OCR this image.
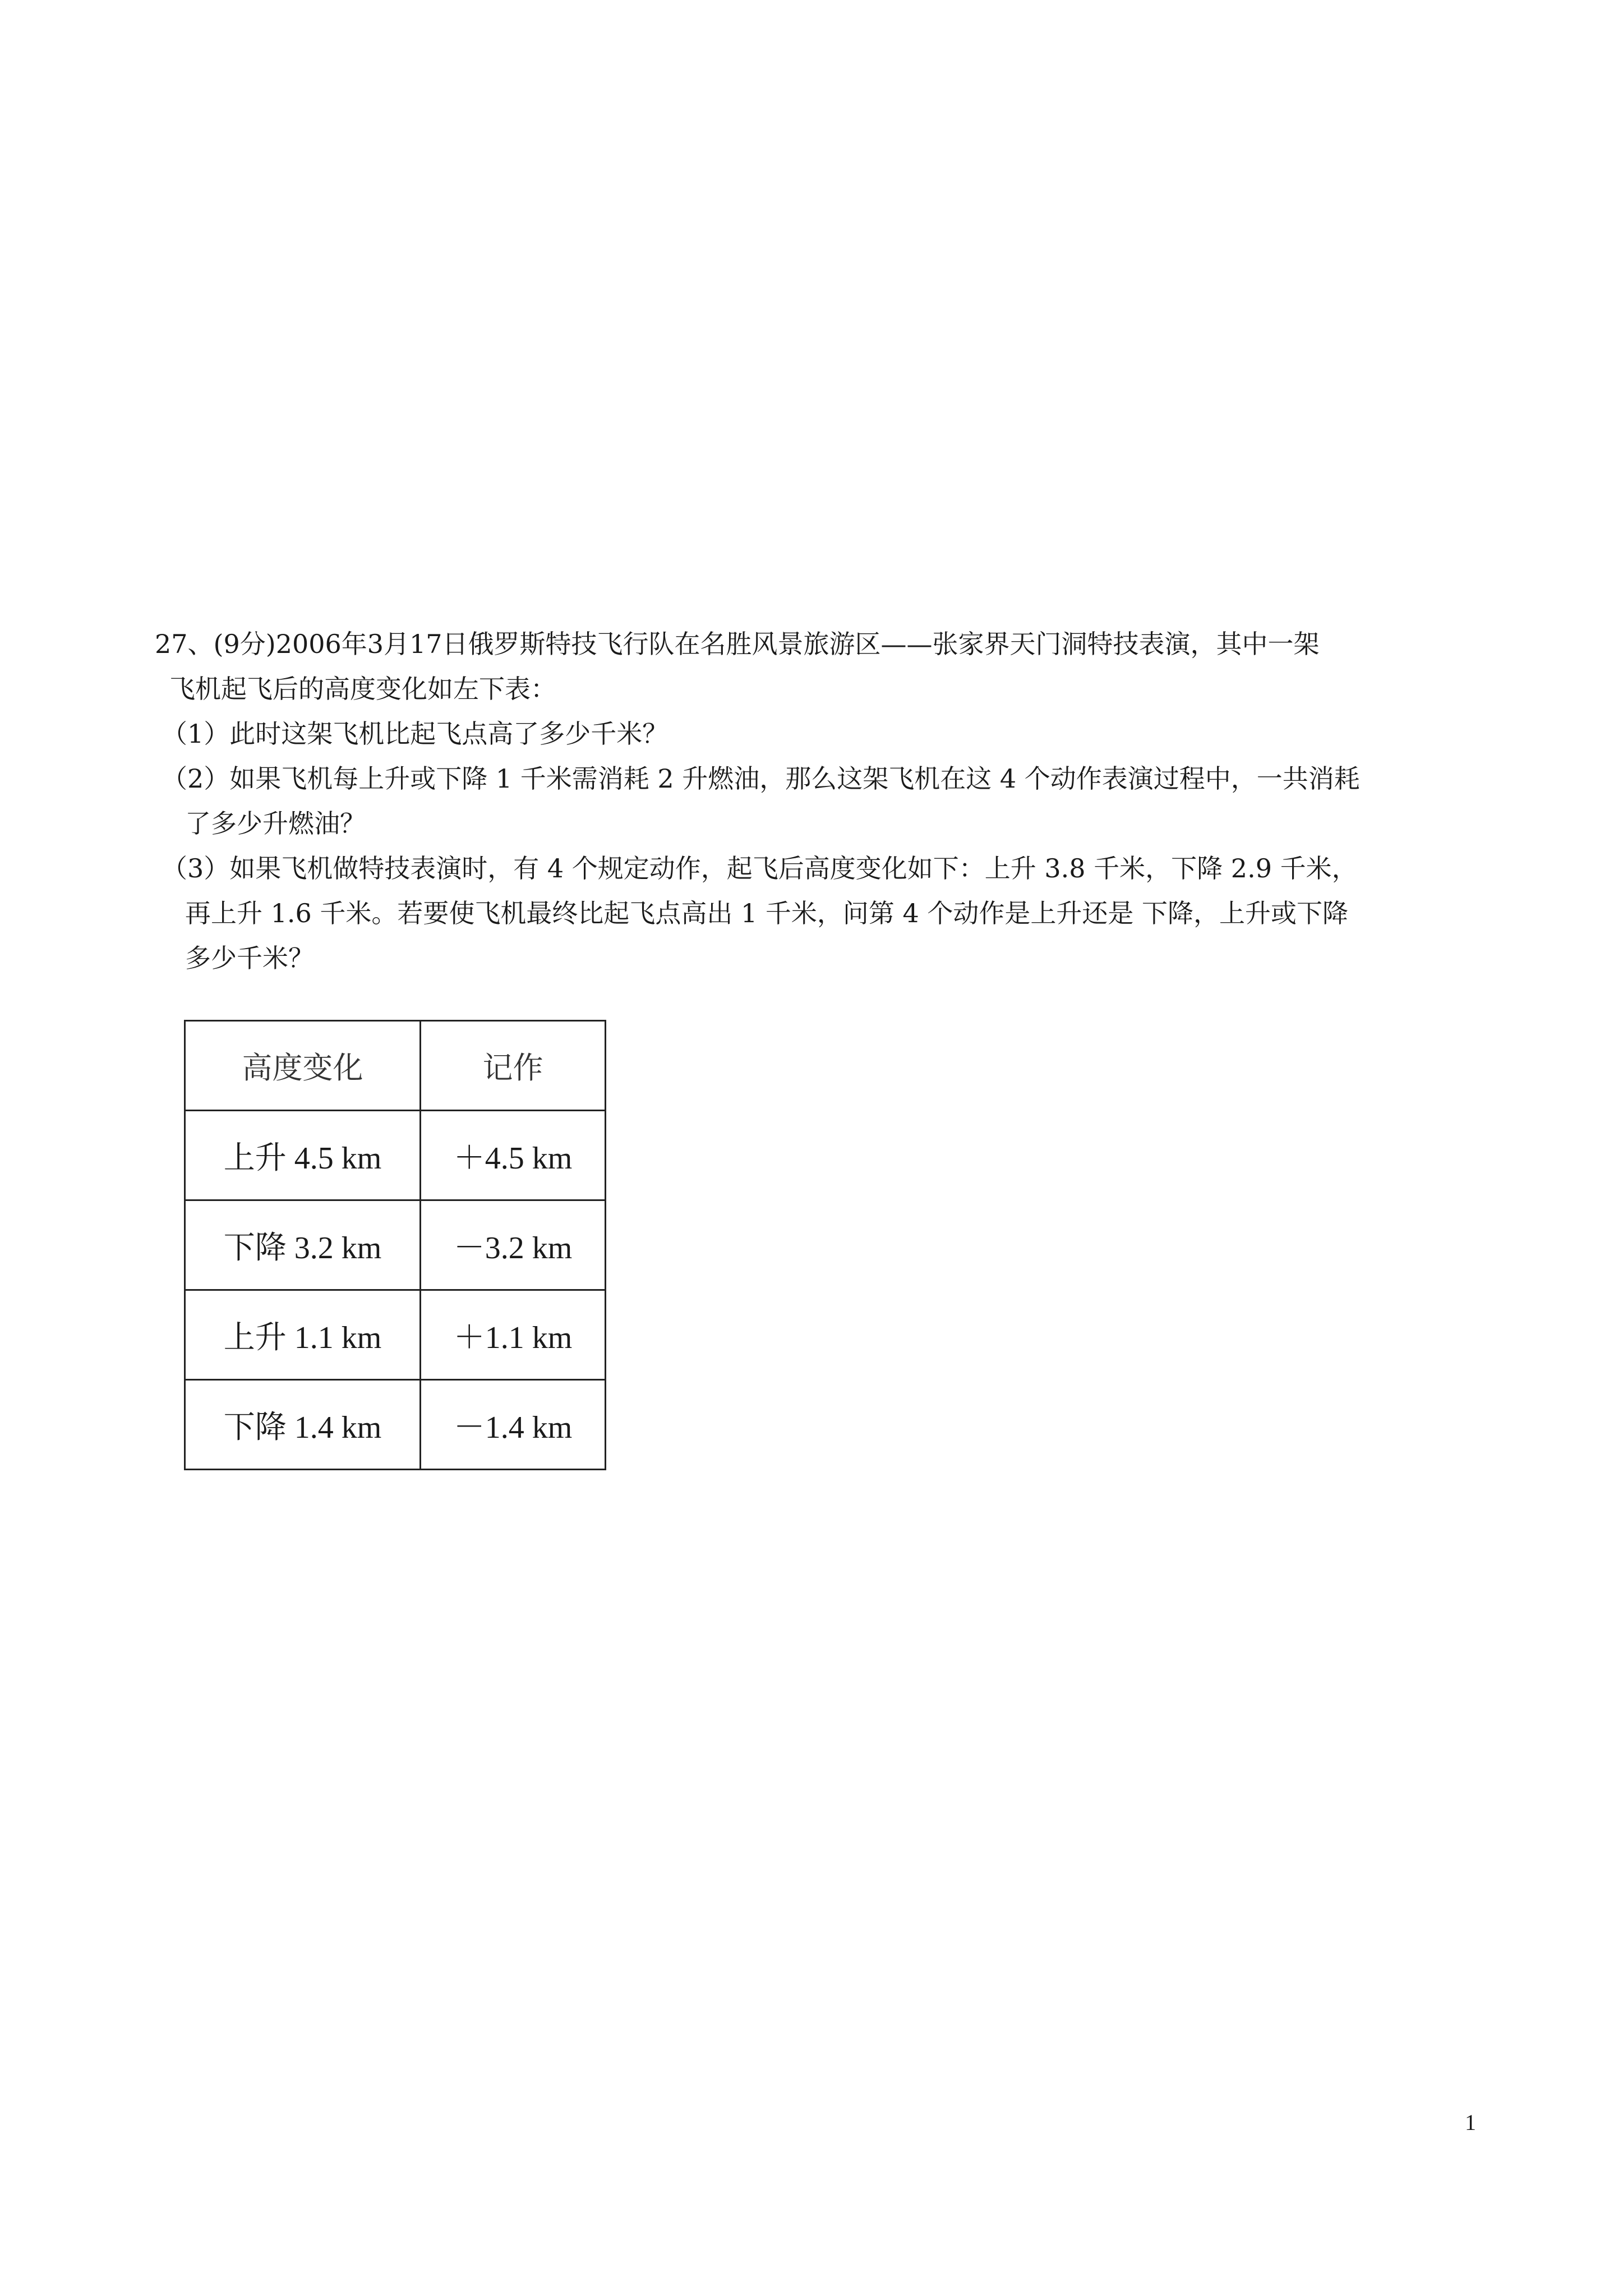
27、(9分)2006年3月17日俄罗斯特技飞行队在名胜风景旅游区——张家界天门洞特技表演，其中一架

飞机起飞后的高度变化如左下表：

（1）此时这架飞机比起飞点高了多少千米？

（2）如果飞机每上升或下降 1 千米需消耗 2 升燃油，那么这架飞机在这 4 个动作表演过程中，一共消耗

了多少升燃油？

（3）如果飞机做特技表演时，有 4 个规定动作，起飞后高度变化如下：上升 3.8 千米，下降 2.9 千米，

再上升 1.6 千米。若要使飞机最终比起飞点高出 1 千米，问第 4 个动作是上升还是 下降，上升或下降

多少千米？

高度变化	记作
上升 4.5 km	＋4.5 km
下降 3.2 km	－3.2 km
上升 1.1 km	＋1.1 km
下降 1.4 km	－1.4 km
1
